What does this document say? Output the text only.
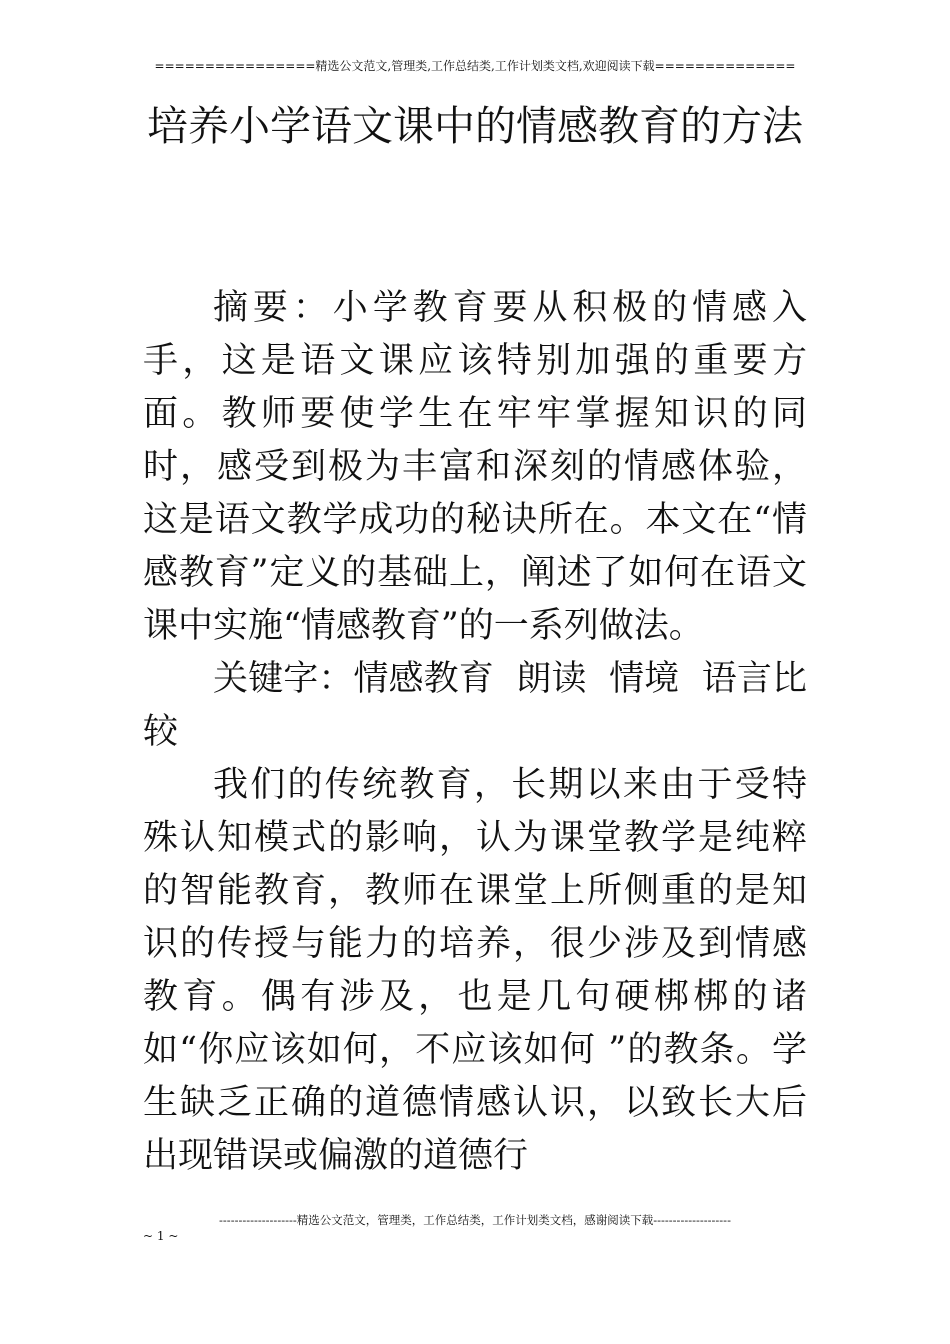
================精选公文范文,管理类,工作总结类,工作计划类文档,欢迎阅读下载==============
培养小学语文课中的情感教育的方法

摘要：小学教育要从积极的情感入手，这是语文课应该特别加强的重要方面。教师要使学生在牢牢掌握知识的同时，感受到极为丰富和深刻的情感体验，这是语文教学成功的秘诀所在。本文在“情感教育”定义的基础上，阐述了如何在语文课中实施“情感教育”的一系列做法。

关键字：情感教育  朗读  情境  语言比较

我们的传统教育，长期以来由于受特殊认知模式的影响，认为课堂教学是纯粹的智能教育，教师在课堂上所侧重的是知识的传授与能力的培养，很少涉及到情感教育。偶有涉及，也是几句硬梆梆的诸如“你应该如何，不应该如何 ”的教条。学生缺乏正确的道德情感认识，以致长大后出现错误或偏激的道德行

--------------------精选公文范文，管理类，工作总结类，工作计划类文档，感谢阅读下载--------------------
~ 1 ~
